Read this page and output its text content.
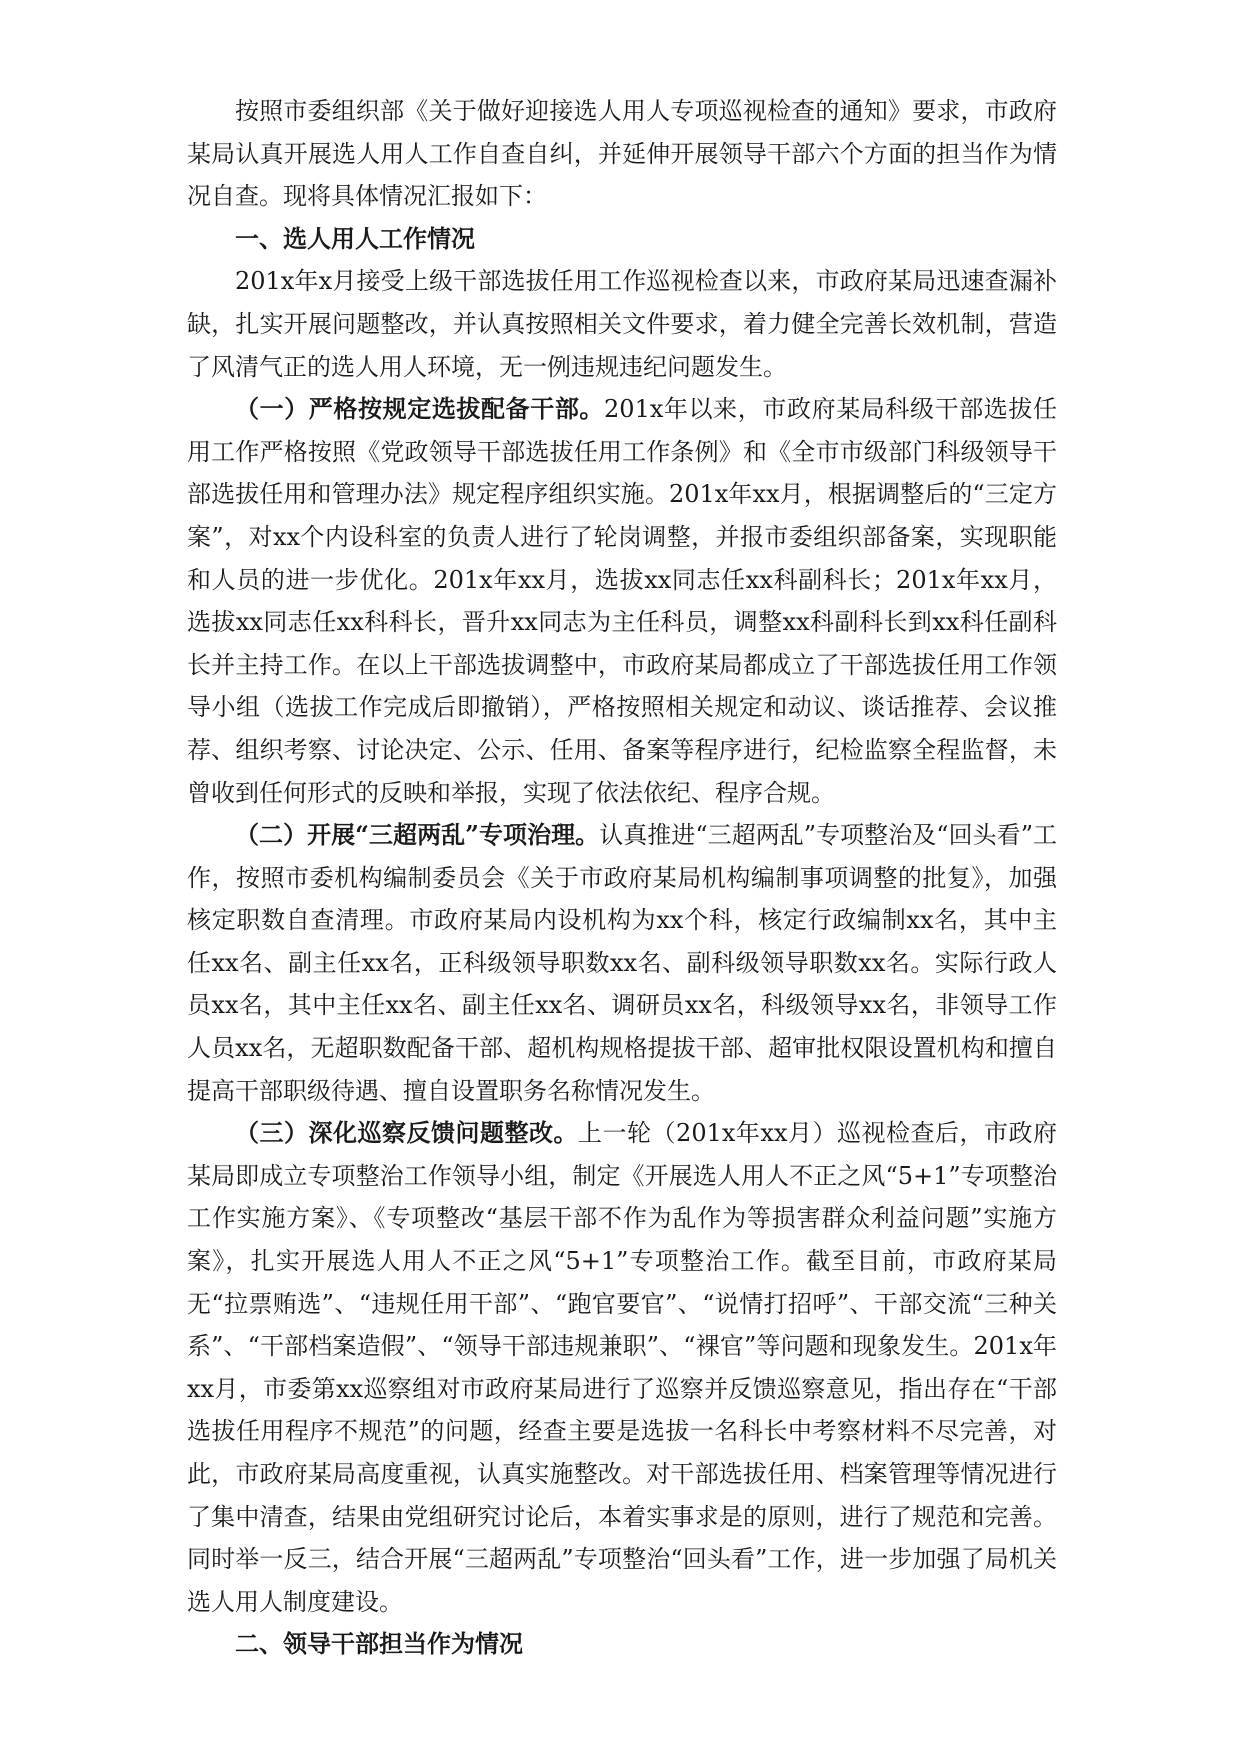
按照市委组织部《关于做好迎接选人用人专项巡视检查的通知》要求，市政府某局认真开展选人用人工作自查自纠，并延伸开展领导干部六个方面的担当作为情况自查。现将具体情况汇报如下：

一、选人用人工作情况

201x年x月接受上级干部选拔任用工作巡视检查以来，市政府某局迅速查漏补缺，扎实开展问题整改，并认真按照相关文件要求，着力健全完善长效机制，营造了风清气正的选人用人环境，无一例违规违纪问题发生。

（一）严格按规定选拔配备干部。201x年以来，市政府某局科级干部选拔任用工作严格按照《党政领导干部选拔任用工作条例》和《全市市级部门科级领导干部选拔任用和管理办法》规定程序组织实施。201x年xx月，根据调整后的“三定方案”，对xx个内设科室的负责人进行了轮岗调整，并报市委组织部备案，实现职能和人员的进一步优化。201x年xx月，选拔xx同志任xx科副科长；201x年xx月，选拔xx同志任xx科科长，晋升xx同志为主任科员，调整xx科副科长到xx科任副科长并主持工作。在以上干部选拔调整中，市政府某局都成立了干部选拔任用工作领导小组（选拔工作完成后即撤销），严格按照相关规定和动议、谈话推荐、会议推荐、组织考察、讨论决定、公示、任用、备案等程序进行，纪检监察全程监督，未曾收到任何形式的反映和举报，实现了依法依纪、程序合规。

（二）开展“三超两乱”专项治理。认真推进“三超两乱”专项整治及“回头看”工作，按照市委机构编制委员会《关于市政府某局机构编制事项调整的批复》，加强核定职数自查清理。市政府某局内设机构为xx个科，核定行政编制xx名，其中主任xx名、副主任xx名，正科级领导职数xx名、副科级领导职数xx名。实际行政人员xx名，其中主任xx名、副主任xx名、调研员xx名，科级领导xx名，非领导工作人员xx名，无超职数配备干部、超机构规格提拔干部、超审批权限设置机构和擅自提高干部职级待遇、擅自设置职务名称情况发生。

（三）深化巡察反馈问题整改。上一轮（201x年xx月）巡视检查后，市政府某局即成立专项整治工作领导小组，制定《开展选人用人不正之风“5+1”专项整治工作实施方案》、《专项整改“基层干部不作为乱作为等损害群众利益问题”实施方案》，扎实开展选人用人不正之风“5+1”专项整治工作。截至目前，市政府某局无“拉票贿选”、“违规任用干部”、“跑官要官”、“说情打招呼”、干部交流“三种关系”、“干部档案造假”、“领导干部违规兼职”、“裸官”等问题和现象发生。201x年xx月，市委第xx巡察组对市政府某局进行了巡察并反馈巡察意见，指出存在“干部选拔任用程序不规范”的问题，经查主要是选拔一名科长中考察材料不尽完善，对此，市政府某局高度重视，认真实施整改。对干部选拔任用、档案管理等情况进行了集中清查，结果由党组研究讨论后，本着实事求是的原则，进行了规范和完善。同时举一反三，结合开展“三超两乱”专项整治“回头看”工作，进一步加强了局机关选人用人制度建设。

二、领导干部担当作为情况
